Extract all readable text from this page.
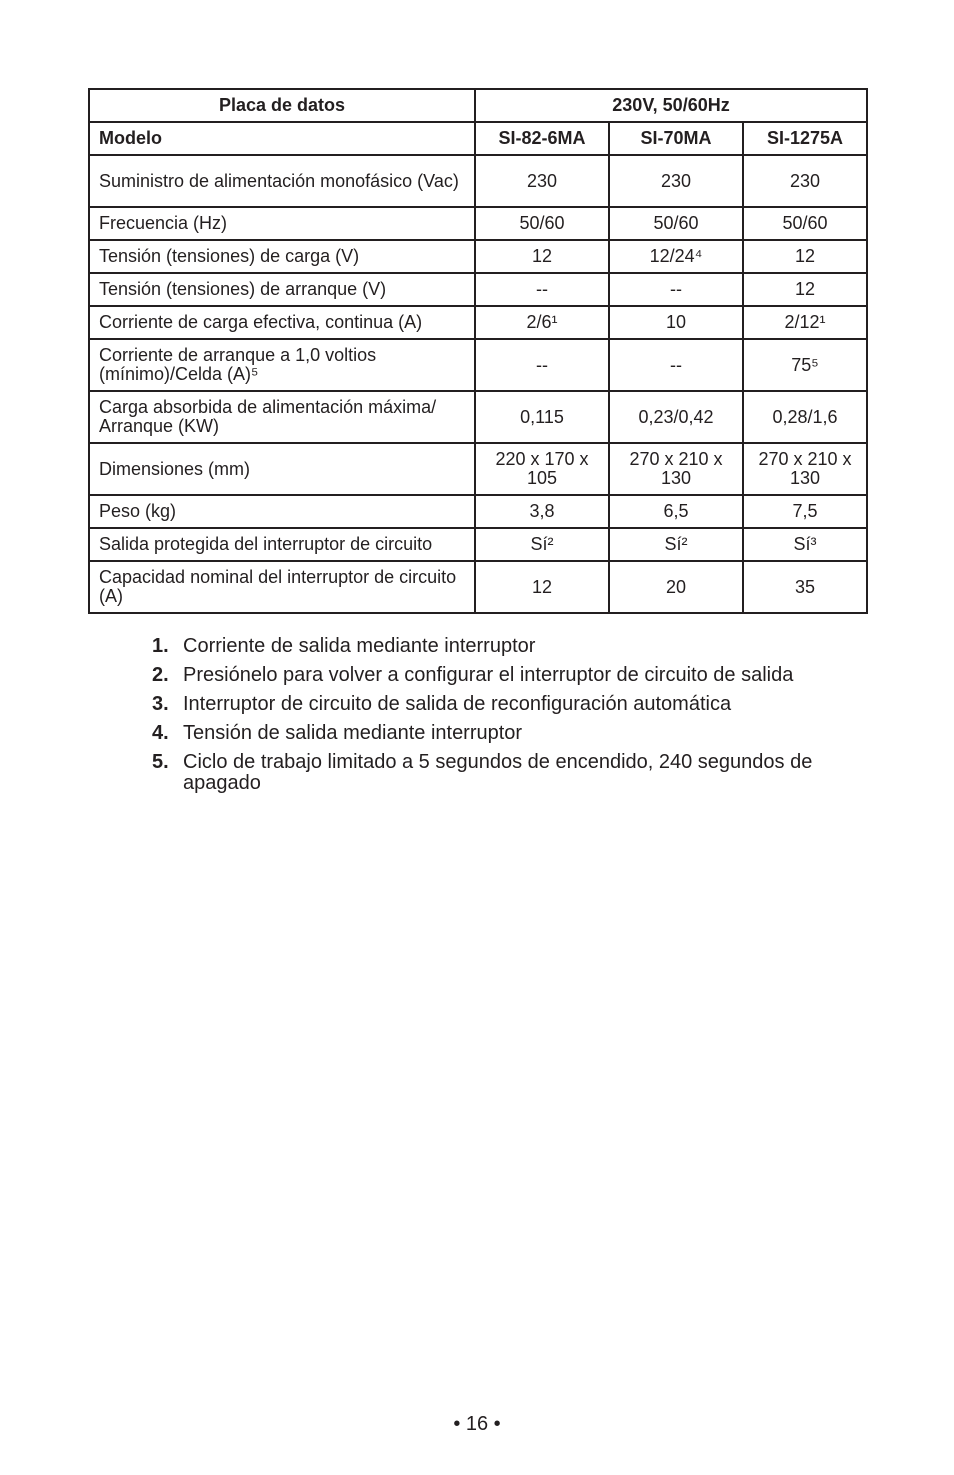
Placa de datos	230V, 50/60Hz		
Modelo	SI-82-6MA	SI-70MA	SI-1275A
Suministro de alimentación monofásico (Vac)	230	230	230
Frecuencia (Hz)	50/60	50/60	50/60
Tensión (tensiones) de carga (V)	12	12/24⁴	12
Tensión (tensiones) de arranque (V)	--	--	12
Corriente de carga efectiva, continua (A)	2/6¹	10	2/12¹
Corriente de arranque a 1,0 voltios (mínimo)/Celda (A)⁵	--	--	75⁵
Carga absorbida de alimentación máxima/ Arranque (KW)	0,115	0,23/0,42	0,28/1,6
Dimensiones (mm)	220 x 170 x 105	270 x 210 x 130	270 x 210 x 130
Peso (kg)	3,8	6,5	7,5
Salida protegida del interruptor de circuito	Sí²	Sí²	Sí³
Capacidad nominal del interruptor de circuito (A)	12	20	35
1. Corriente de salida mediante interruptor
2. Presiónelo para volver a configurar el interruptor de circuito de salida
3. Interruptor de circuito de salida de reconfiguración automática
4. Tensión de salida mediante interruptor
5. Ciclo de trabajo limitado a 5 segundos de encendido, 240 segundos de apagado
• 16 •
